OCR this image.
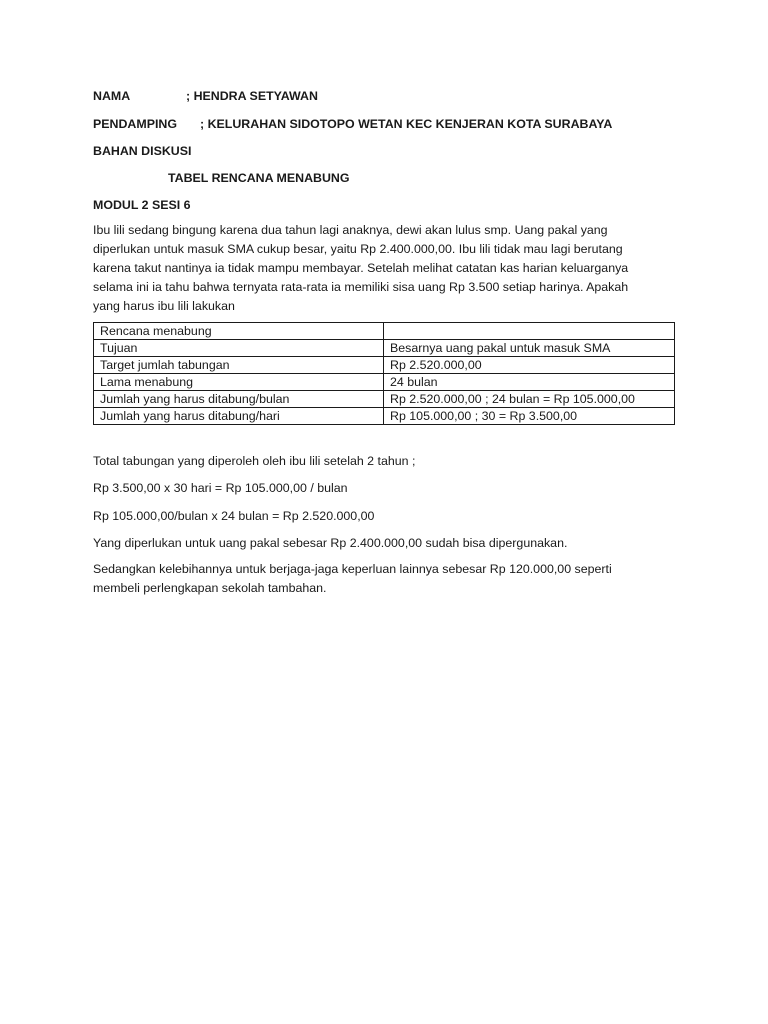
NAMA	; HENDRA SETYAWAN
PENDAMPING ; KELURAHAN SIDOTOPO WETAN KEC KENJERAN KOTA SURABAYA
BAHAN DISKUSI
TABEL RENCANA MENABUNG
MODUL 2 SESI 6
Ibu lili sedang bingung karena dua tahun lagi anaknya, dewi akan lulus smp. Uang pakal yang
diperlukan untuk masuk SMA cukup besar, yaitu Rp 2.400.000,00. Ibu lili tidak mau lagi berutang
karena takut nantinya ia tidak mampu membayar. Setelah melihat catatan kas harian keluarganya
selama ini ia tahu bahwa ternyata rata-rata ia memiliki sisa uang Rp 3.500 setiap harinya. Apakah
yang harus ibu lili lakukan
Rencana menabung	
Tujuan	Besarnya uang pakal untuk masuk SMA
Target jumlah tabungan	Rp 2.520.000,00
Lama menabung	24 bulan
Jumlah yang harus ditabung/bulan	Rp 2.520.000,00 ; 24 bulan = Rp 105.000,00
Jumlah yang harus ditabung/hari	Rp 105.000,00 ; 30 = Rp 3.500,00
Total tabungan yang diperoleh oleh ibu lili setelah 2 tahun ;
Rp 3.500,00 x 30 hari = Rp 105.000,00 / bulan
Rp 105.000,00/bulan x 24 bulan = Rp 2.520.000,00
Yang diperlukan untuk uang pakal sebesar Rp 2.400.000,00 sudah bisa dipergunakan.
Sedangkan kelebihannya untuk berjaga-jaga keperluan lainnya sebesar Rp 120.000,00 seperti
membeli perlengkapan sekolah tambahan.
